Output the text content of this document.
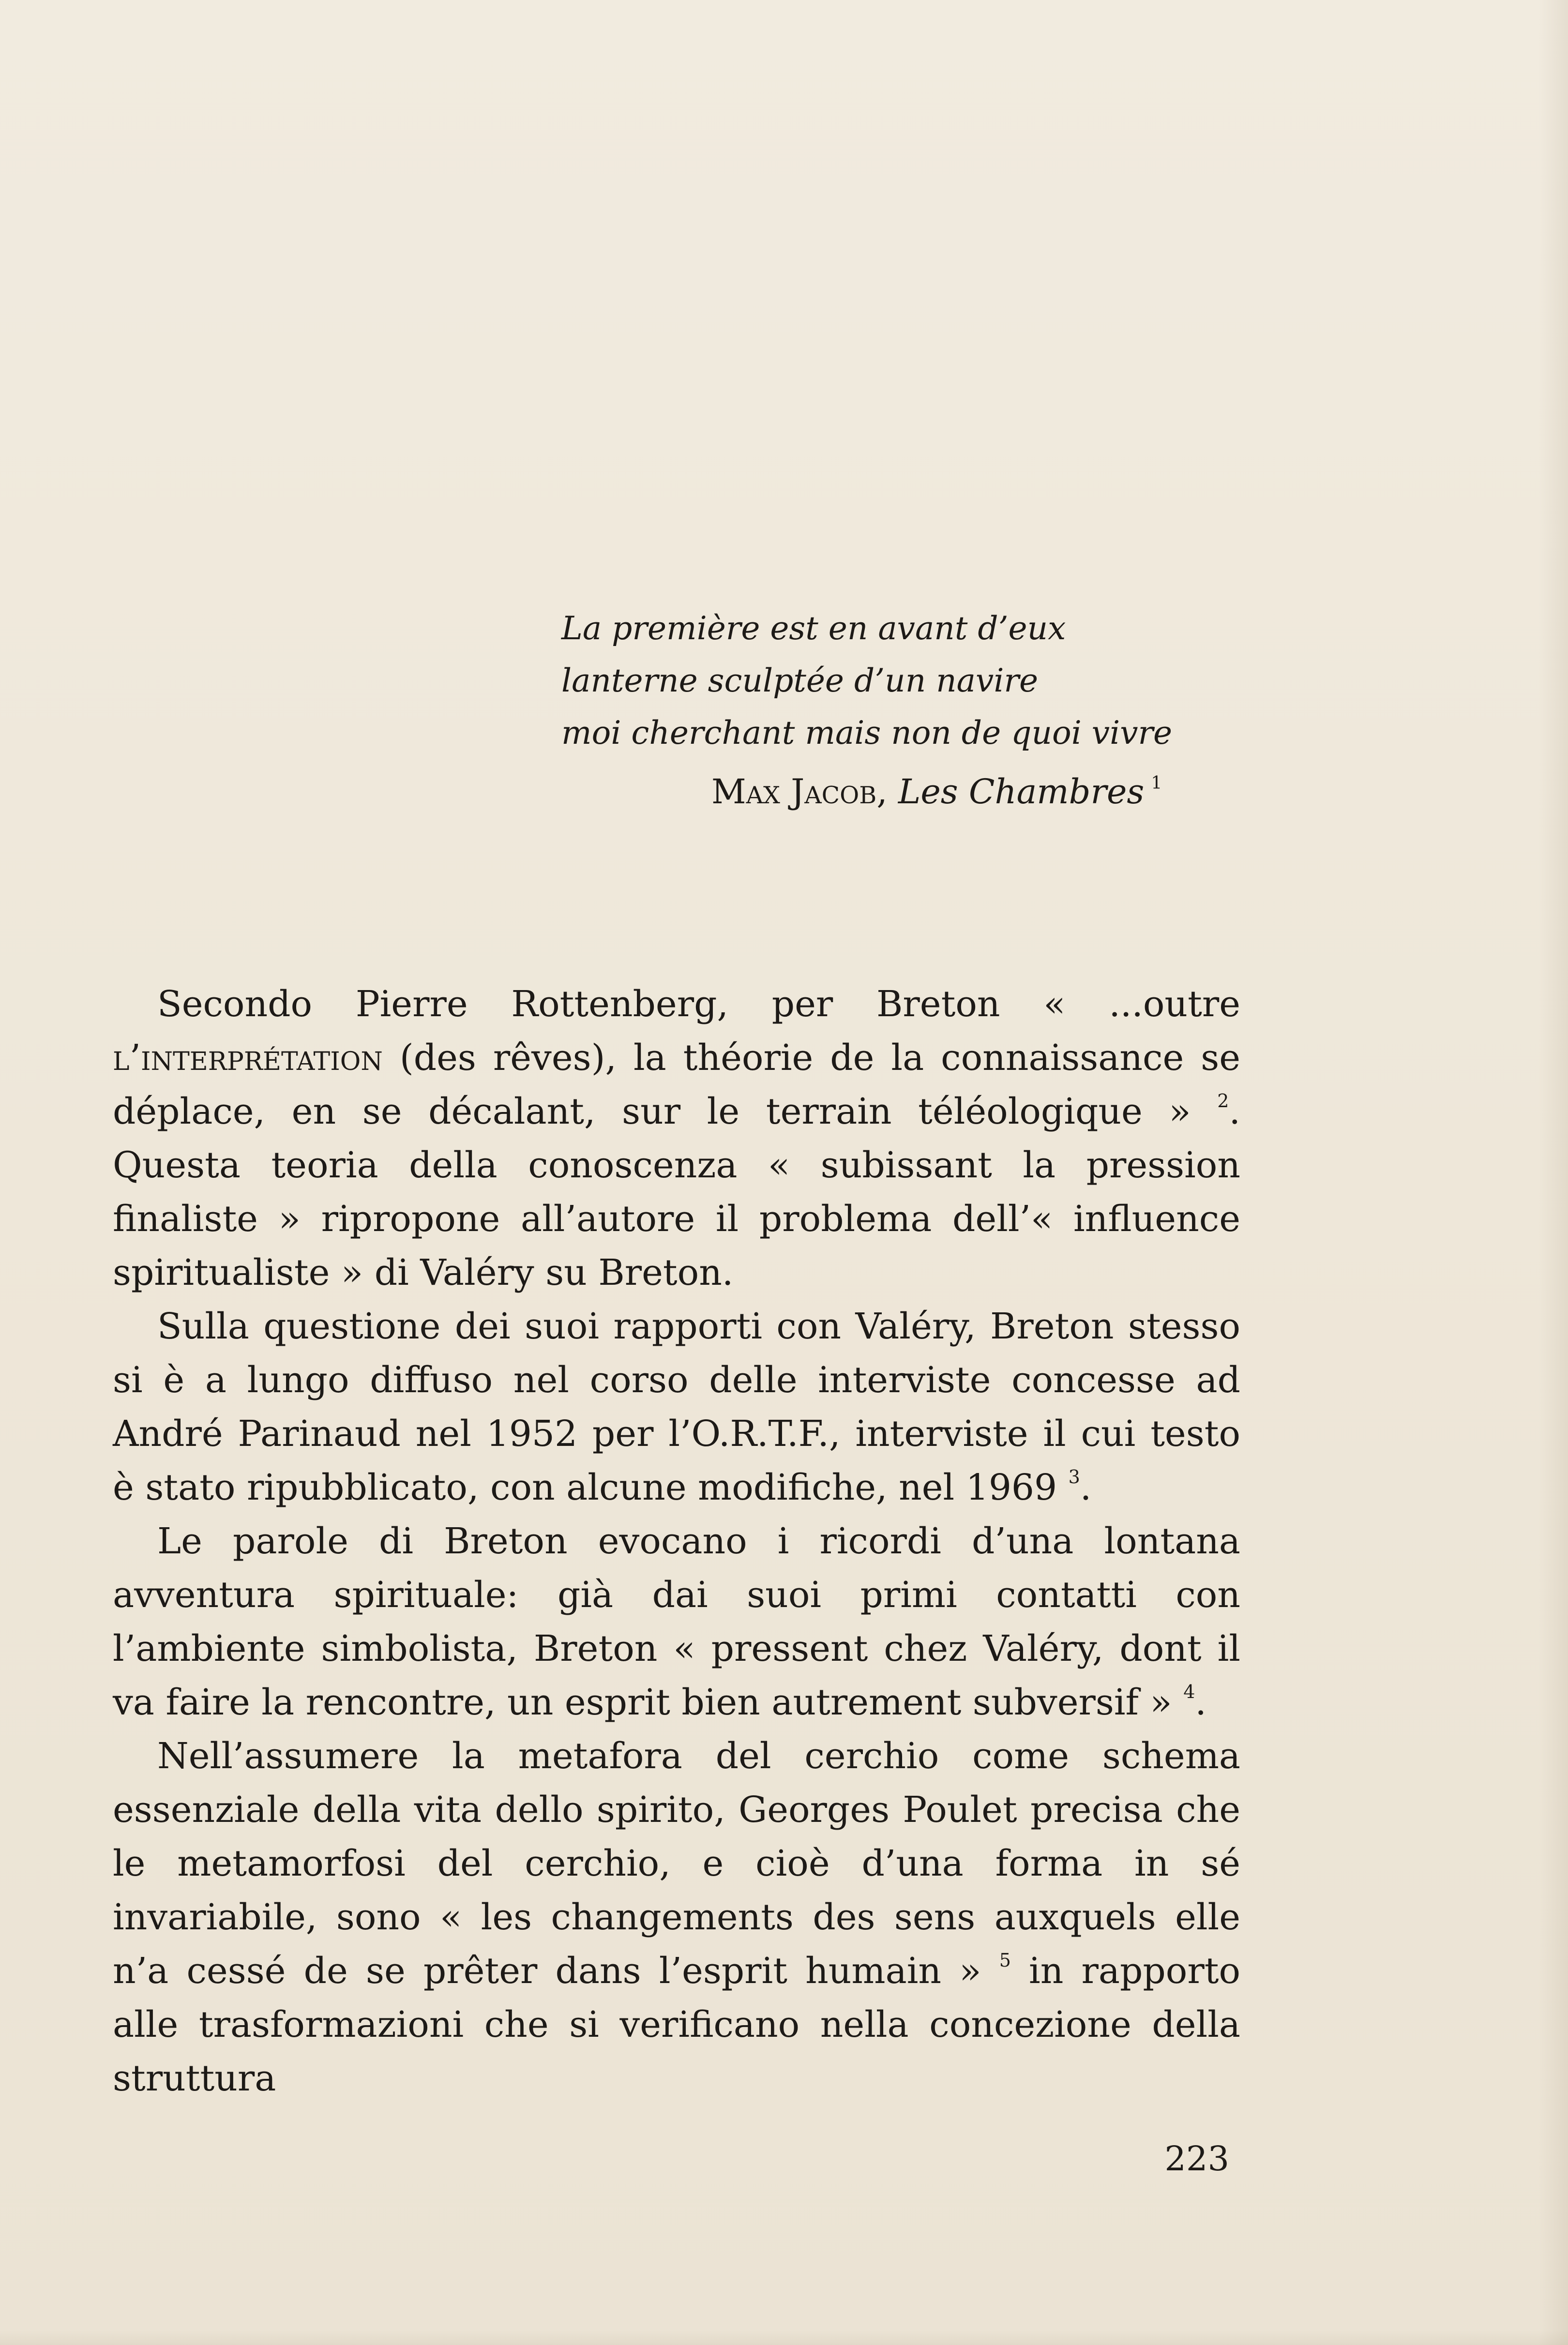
La première est en avant d’eux

lanterne sculptée d’un navire

moi cherchant mais non de quoi vivre

Max Jacob, Les Chambres $^1$

Secondo Pierre Rottenberg, per Breton « ...outre l’interprétation (des rêves), la théorie de la connaissance se déplace, en se décalant, sur le terrain téléologique » $^2$. Questa teoria della conoscenza « subissant la pression finaliste » ripropone all’autore il problema dell’« influence spiritualiste » di Valéry su Breton.

Sulla questione dei suoi rapporti con Valéry, Breton stesso si è a lungo diffuso nel corso delle interviste concesse ad André Parinaud nel 1952 per l’O.R.T.F., interviste il cui testo è stato ripubblicato, con alcune modifiche, nel 1969 $^3$.

Le parole di Breton evocano i ricordi d’una lontana avventura spirituale: già dai suoi primi contatti con l’ambiente simbolista, Breton « pressent chez Valéry, dont il va faire la rencontre, un esprit bien autrement subversif » $^4$.

Nell’assumere la metafora del cerchio come schema essenziale della vita dello spirito, Georges Poulet precisa che le metamorfosi del cerchio, e cioè d’una forma in sé invariabile, sono « les changements des sens auxquels elle n’a cessé de se prêter dans l’esprit humain » $^5$ in rapporto alle trasformazioni che si verificano nella concezione della struttura

223
